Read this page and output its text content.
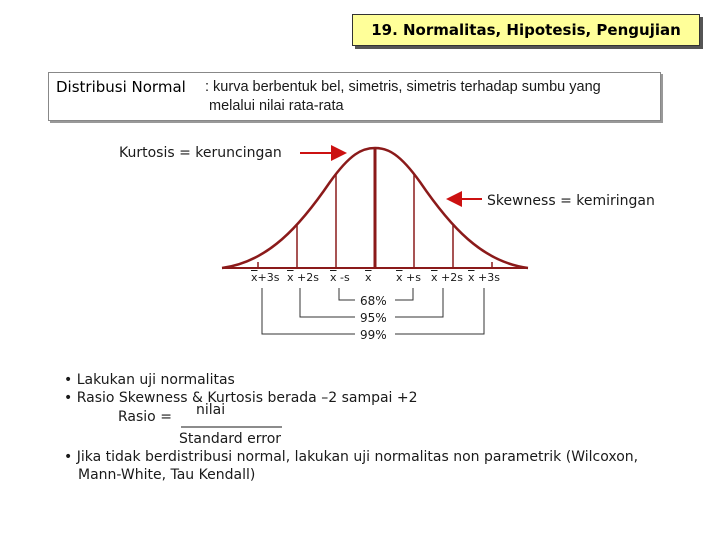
19. Normalitas, Hipotesis, Pengujian
Distribusi Normal : kurva berbentuk bel, simetris, simetris terhadap sumbu yang
melalui nilai rata-rata
Kurtosis = keruncingan
Skewness = kemiringan
$\overline{x}+3s$ $\overline{x} +2s$ $\overline{x}$ -s $\overline{x}$ $\overline{x} +s$ $\overline{x} +2s$ $\overline{x} +3s$
68%
95%
99%
• Lakukan uji normalitas
• Rasio Skewness & Kurtosis berada –2 sampai +2
Rasio = nilai
Standard error
• Jika tidak berdistribusi normal, lakukan uji normalitas non parametrik (Wilcoxon,
Mann-White, Tau Kendall)
